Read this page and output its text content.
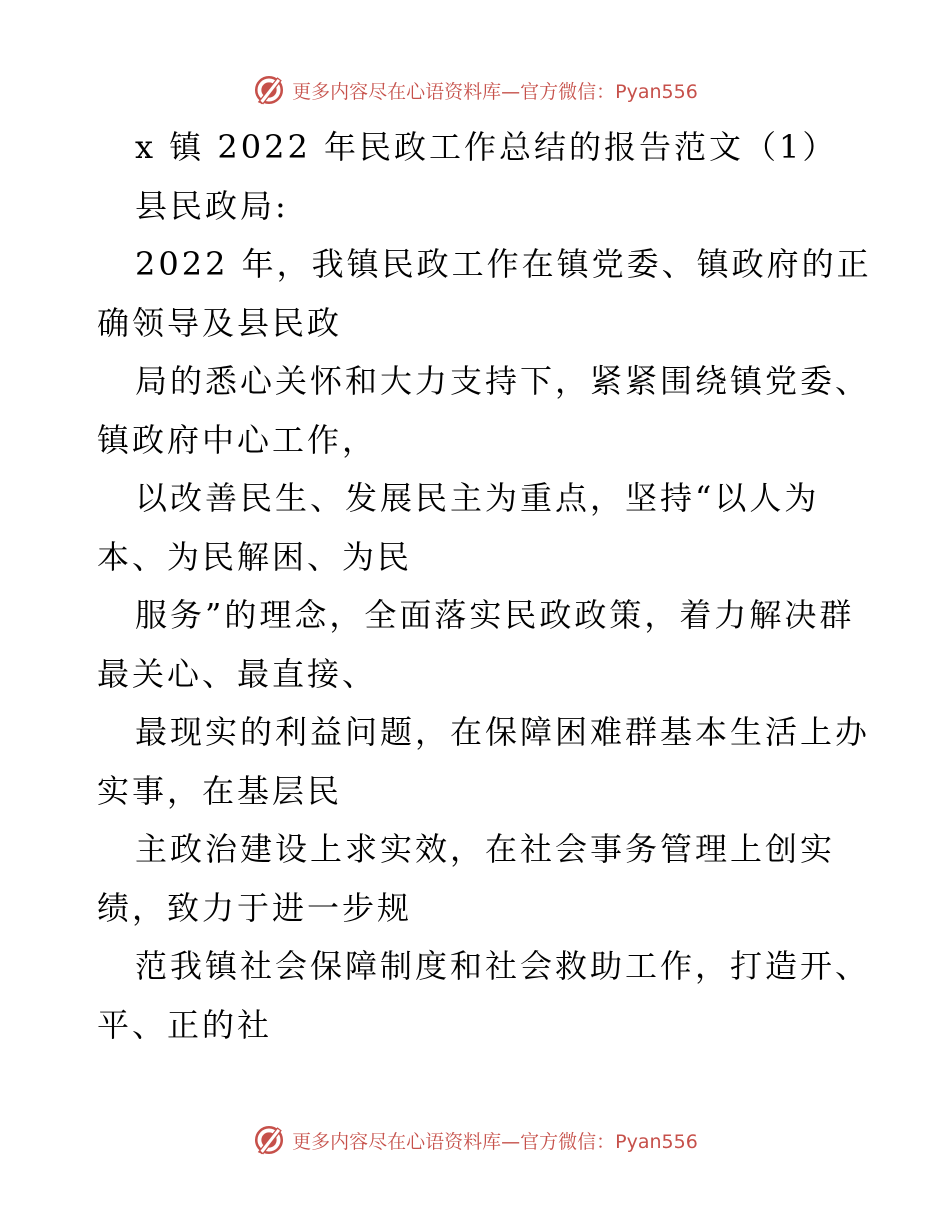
更多内容尽在心语资料库—官方微信：Pyan556
x 镇 2022 年民政工作总结的报告范文（1）
县民政局:
2022 年，我镇民政工作在镇党委、镇政府的正
确领导及县民政
局的悉心关怀和大力支持下，紧紧围绕镇党委、
镇政府中心工作，
以改善民生、发展民主为重点，坚持“以人为
本、为民解困、为民
服务”的理念，全面落实民政政策，着力解决群
最关心、最直接、
最现实的利益问题，在保障困难群基本生活上办
实事，在基层民
主政治建设上求实效，在社会事务管理上创实
绩，致力于进一步规
范我镇社会保障制度和社会救助工作，打造开、
平、正的社
更多内容尽在心语资料库—官方微信：Pyan556
